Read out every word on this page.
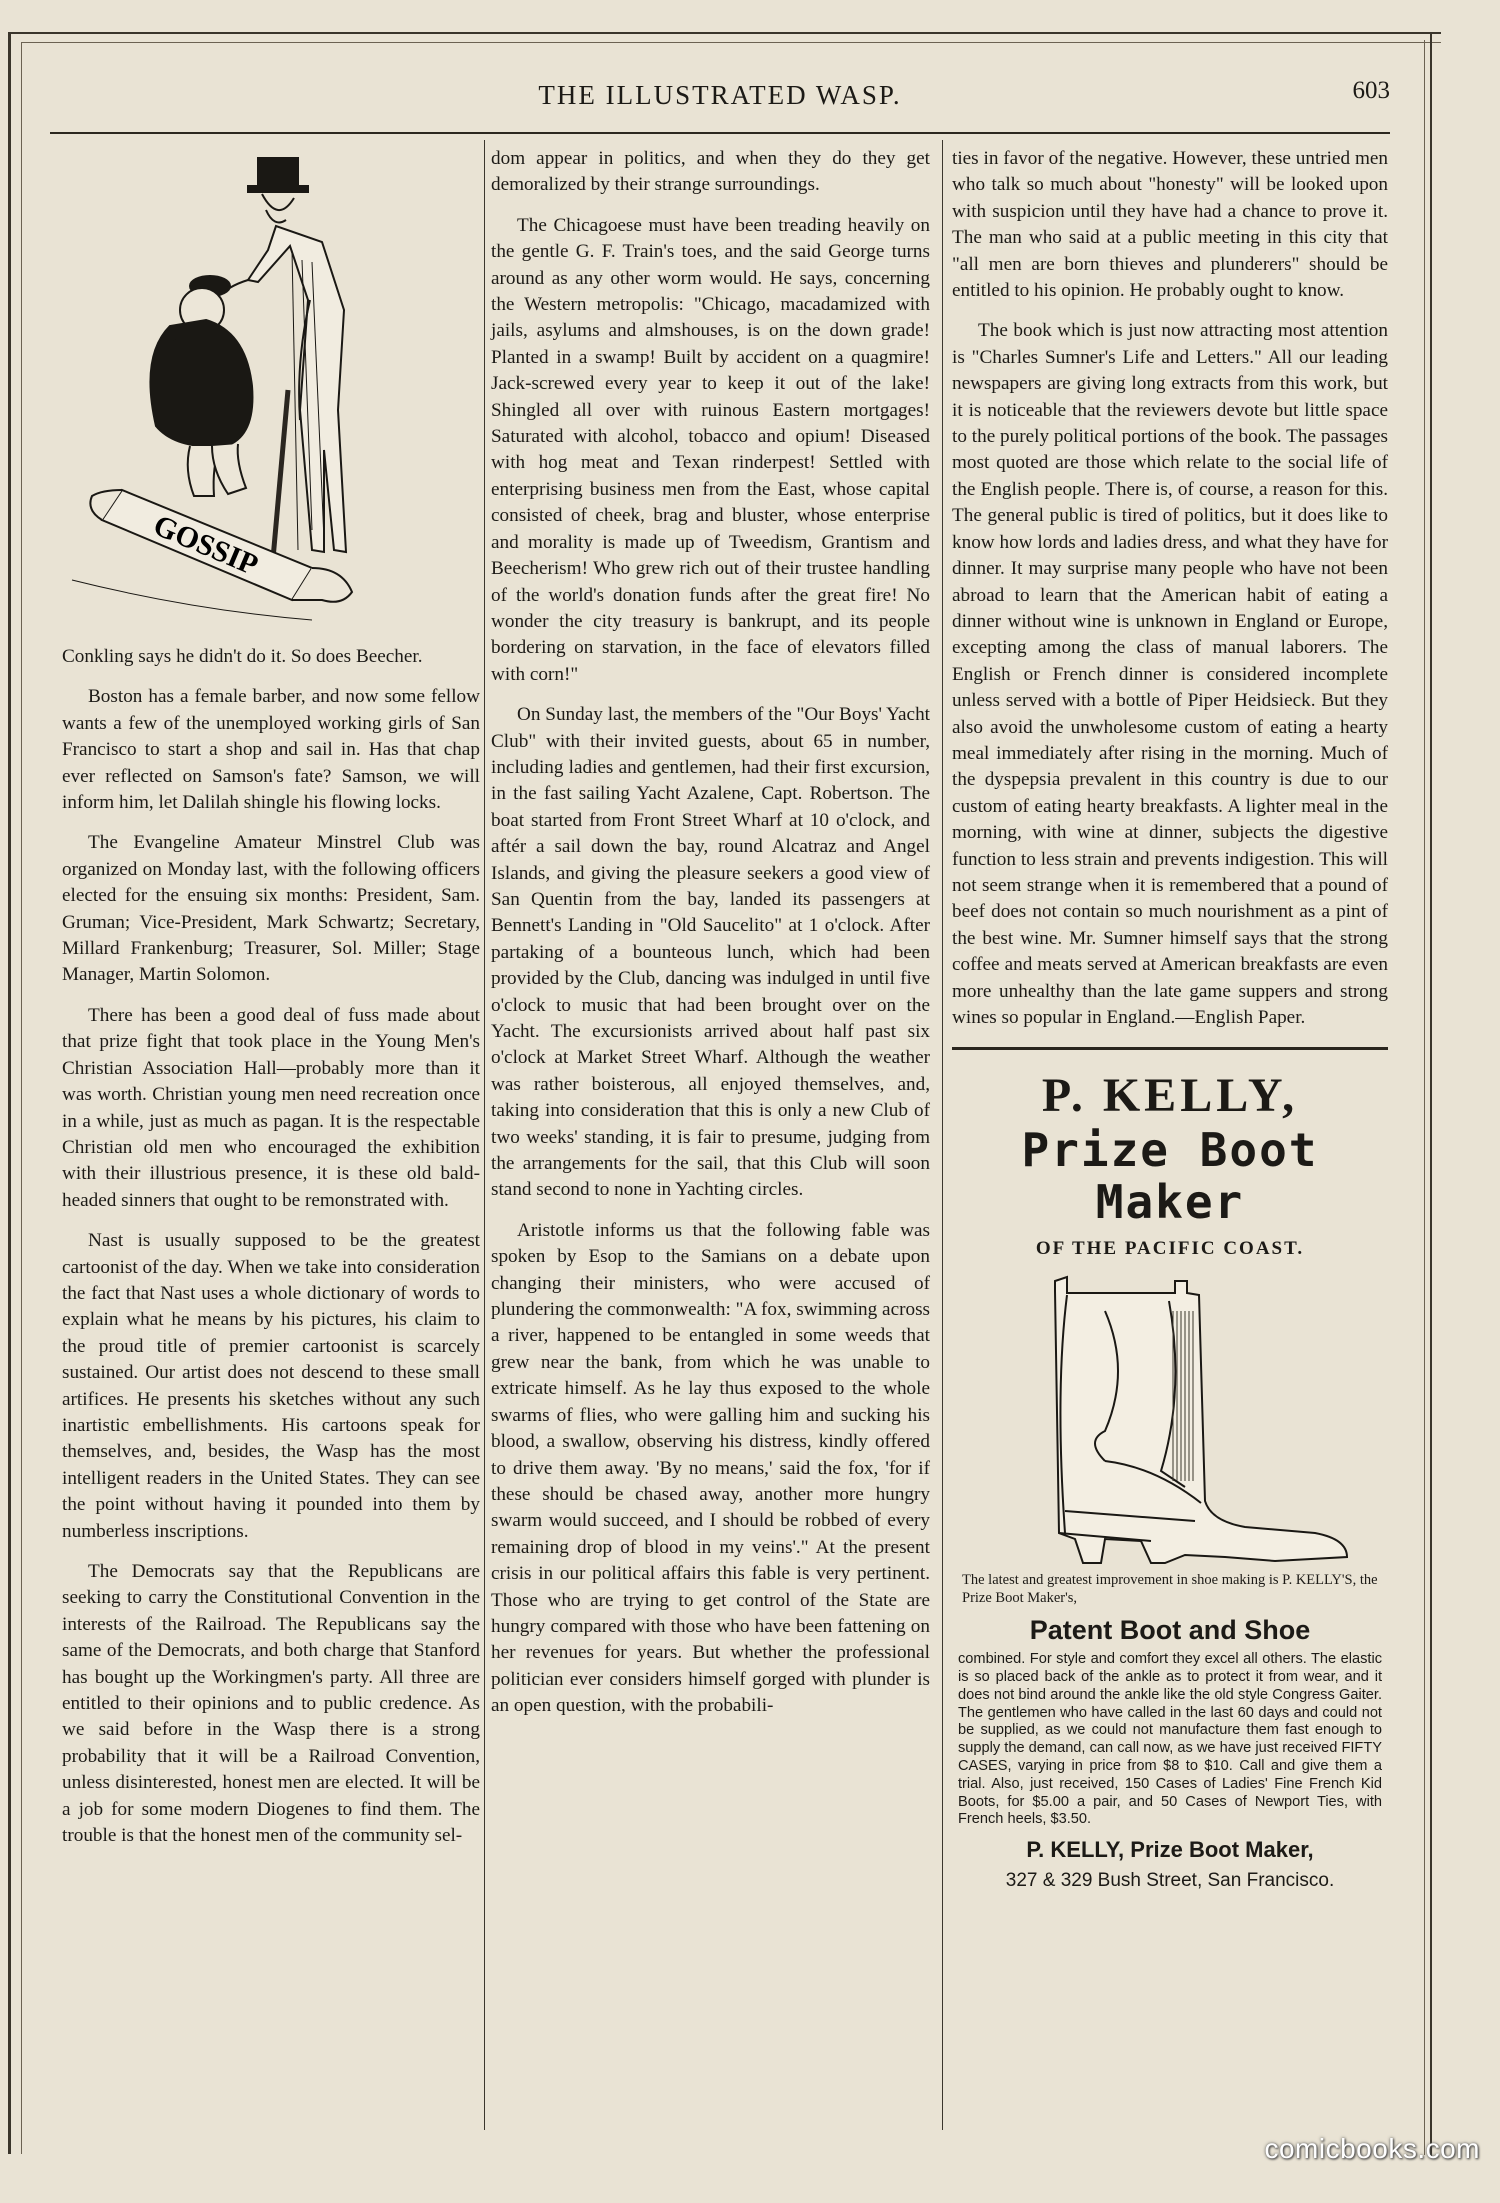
THE ILLUSTRATED WASP.	603
GOSSIP

Conkling says he didn't do it. So does Beecher.

Boston has a female barber, and now some fellow wants a few of the unemployed working girls of San Francisco to start a shop and sail in. Has that chap ever reflected on Samson's fate? Samson, we will inform him, let Dalilah shingle his flowing locks.

The Evangeline Amateur Minstrel Club was organized on Monday last, with the following officers elected for the ensuing six months: President, Sam. Gruman; Vice-President, Mark Schwartz; Secretary, Millard Frankenburg; Treasurer, Sol. Miller; Stage Manager, Martin Solomon.

There has been a good deal of fuss made about that prize fight that took place in the Young Men's Christian Association Hall—probably more than it was worth. Christian young men need recreation once in a while, just as much as pagan. It is the respectable Christian old men who encouraged the exhibition with their illustrious presence, it is these old bald-headed sinners that ought to be remonstrated with.

Nast is usually supposed to be the greatest cartoonist of the day. When we take into consideration the fact that Nast uses a whole dictionary of words to explain what he means by his pictures, his claim to the proud title of premier cartoonist is scarcely sustained. Our artist does not descend to these small artifices. He presents his sketches without any such inartistic embellishments. His cartoons speak for themselves, and, besides, the Wasp has the most intelligent readers in the United States. They can see the point without having it pounded into them by numberless inscriptions.

The Democrats say that the Republicans are seeking to carry the Constitutional Convention in the interests of the Railroad. The Republicans say the same of the Democrats, and both charge that Stanford has bought up the Workingmen's party. All three are entitled to their opinions and to public credence. As we said before in the Wasp there is a strong probability that it will be a Railroad Convention, unless disinterested, honest men are elected. It will be a job for some modern Diogenes to find them. The trouble is that the honest men of the community sel-

dom appear in politics, and when they do they get demoralized by their strange surroundings.

The Chicagoese must have been treading heavily on the gentle G. F. Train's toes, and the said George turns around as any other worm would. He says, concerning the Western metropolis: "Chicago, macadamized with jails, asylums and almshouses, is on the down grade! Planted in a swamp! Built by accident on a quagmire! Jack-screwed every year to keep it out of the lake! Shingled all over with ruinous Eastern mortgages! Saturated with alcohol, tobacco and opium! Diseased with hog meat and Texan rinderpest! Settled with enterprising business men from the East, whose capital consisted of cheek, brag and bluster, whose enterprise and morality is made up of Tweedism, Grantism and Beecherism! Who grew rich out of their trustee handling of the world's donation funds after the great fire! No wonder the city treasury is bankrupt, and its people bordering on starvation, in the face of elevators filled with corn!"

On Sunday last, the members of the "Our Boys' Yacht Club" with their invited guests, about 65 in number, including ladies and gentlemen, had their first excursion, in the fast sailing Yacht Azalene, Capt. Robertson. The boat started from Front Street Wharf at 10 o'clock, and aftér a sail down the bay, round Alcatraz and Angel Islands, and giving the pleasure seekers a good view of San Quentin from the bay, landed its passengers at Bennett's Landing in "Old Saucelito" at 1 o'clock. After partaking of a bounteous lunch, which had been provided by the Club, dancing was indulged in until five o'clock to music that had been brought over on the Yacht. The excursionists arrived about half past six o'clock at Market Street Wharf. Although the weather was rather boisterous, all enjoyed themselves, and, taking into consideration that this is only a new Club of two weeks' standing, it is fair to presume, judging from the arrangements for the sail, that this Club will soon stand second to none in Yachting circles.

Aristotle informs us that the following fable was spoken by Esop to the Samians on a debate upon changing their ministers, who were accused of plundering the commonwealth: "A fox, swimming across a river, happened to be entangled in some weeds that grew near the bank, from which he was unable to extricate himself. As he lay thus exposed to the whole swarms of flies, who were galling him and sucking his blood, a swallow, observing his distress, kindly offered to drive them away. 'By no means,' said the fox, 'for if these should be chased away, another more hungry swarm would succeed, and I should be robbed of every remaining drop of blood in my veins'." At the present crisis in our political affairs this fable is very pertinent. Those who are trying to get control of the State are hungry compared with those who have been fattening on her revenues for years. But whether the professional politician ever considers himself gorged with plunder is an open question, with the probabili-

ties in favor of the negative. However, these untried men who talk so much about "honesty" will be looked upon with suspicion until they have had a chance to prove it. The man who said at a public meeting in this city that "all men are born thieves and plunderers" should be entitled to his opinion. He probably ought to know.

The book which is just now attracting most attention is "Charles Sumner's Life and Letters." All our leading newspapers are giving long extracts from this work, but it is noticeable that the reviewers devote but little space to the purely political portions of the book. The passages most quoted are those which relate to the social life of the English people. There is, of course, a reason for this. The general public is tired of politics, but it does like to know how lords and ladies dress, and what they have for dinner. It may surprise many people who have not been abroad to learn that the American habit of eating a dinner without wine is unknown in England or Europe, excepting among the class of manual laborers. The English or French dinner is considered incomplete unless served with a bottle of Piper Heidsieck. But they also avoid the unwholesome custom of eating a hearty meal immediately after rising in the morning. Much of the dyspepsia prevalent in this country is due to our custom of eating hearty breakfasts. A lighter meal in the morning, with wine at dinner, subjects the digestive function to less strain and prevents indigestion. This will not seem strange when it is remembered that a pound of beef does not contain so much nourishment as a pint of the best wine. Mr. Sumner himself says that the strong coffee and meats served at American breakfasts are even more unhealthy than the late game suppers and strong wines so popular in England.—English Paper.

P. KELLY,
Prize Boot Maker
OF THE PACIFIC COAST.
The latest and greatest improvement in shoe making is P. KELLY'S, the Prize Boot Maker's,
Patent Boot and Shoe
combined. For style and comfort they excel all others. The elastic is so placed back of the ankle as to protect it from wear, and it does not bind around the ankle like the old style Congress Gaiter. The gentlemen who have called in the last 60 days and could not be supplied, as we could not manufacture them fast enough to supply the demand, can call now, as we have just received FIFTY CASES, varying in price from $8 to $10. Call and give them a trial. Also, just received, 150 Cases of Ladies' Fine French Kid Boots, for $5.00 a pair, and 50 Cases of Newport Ties, with French heels, $3.50.
P. KELLY, Prize Boot Maker,
327 & 329 Bush Street, San Francisco.
comicbooks.com
